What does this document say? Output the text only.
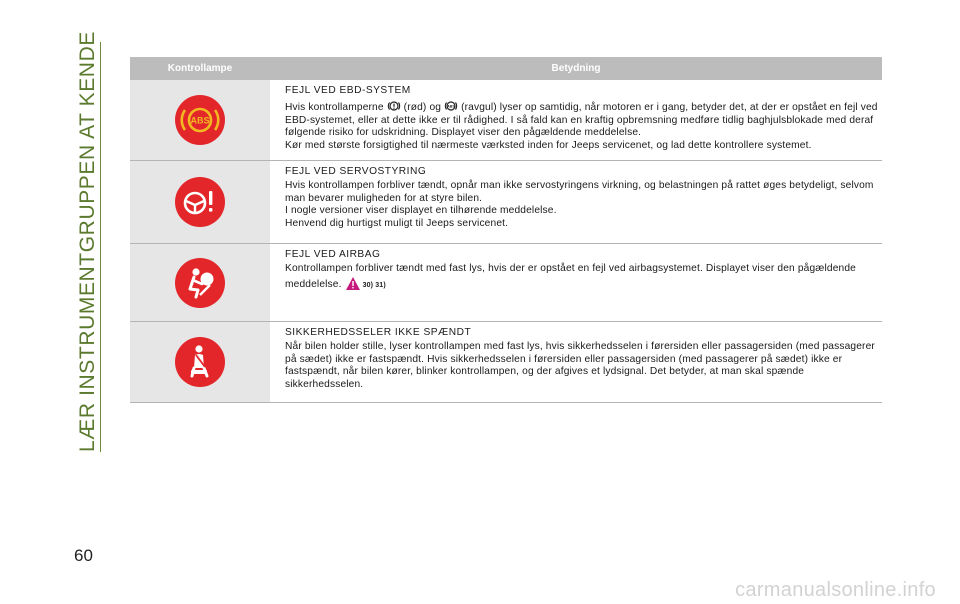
LÆR INSTRUMENTGRUPPEN AT KENDE
60
carmanualsonline.info
Kontrollampe	Betydning
ABS
FEJL VED EBD-SYSTEM

Hvis kontrollamperne (rød) og ABS (ravgul) lyser op samtidig, når motoren er i gang, betyder det, at der er opstået en fejl ved EBD-systemet, eller at dette ikke er til rådighed. I så fald kan en kraftig opbremsning medføre tidlig baghjulsblokade med deraf følgende risiko for udskridning. Displayet viser den pågældende meddelelse.

Kør med største forsigtighed til nærmeste værksted inden for Jeeps servicenet, og lad dette kontrollere systemet.

FEJL VED SERVOSTYRING

Hvis kontrollampen forbliver tændt, opnår man ikke servostyringens virkning, og belastningen på rattet øges betydeligt, selvom man bevarer muligheden for at styre bilen.

I nogle versioner viser displayet en tilhørende meddelelse.

Henvend dig hurtigst muligt til Jeeps servicenet.

FEJL VED AIRBAG

Kontrollampen forbliver tændt med fast lys, hvis der er opstået en fejl ved airbagsystemet. Displayet viser den pågældende meddelelse.	30) 31)

SIKKERHEDSSELER IKKE SPÆNDT

Når bilen holder stille, lyser kontrollampen med fast lys, hvis sikkerhedsselen i førersiden eller passagersiden (med passagerer på sædet) ikke er fastspændt. Hvis sikkerhedsselen i førersiden eller passagersiden (med passagerer på sædet) ikke er fastspændt, når bilen kører, blinker kontrollampen, og der afgives et lydsignal. Det betyder, at man skal spænde sikkerhedsselen.
